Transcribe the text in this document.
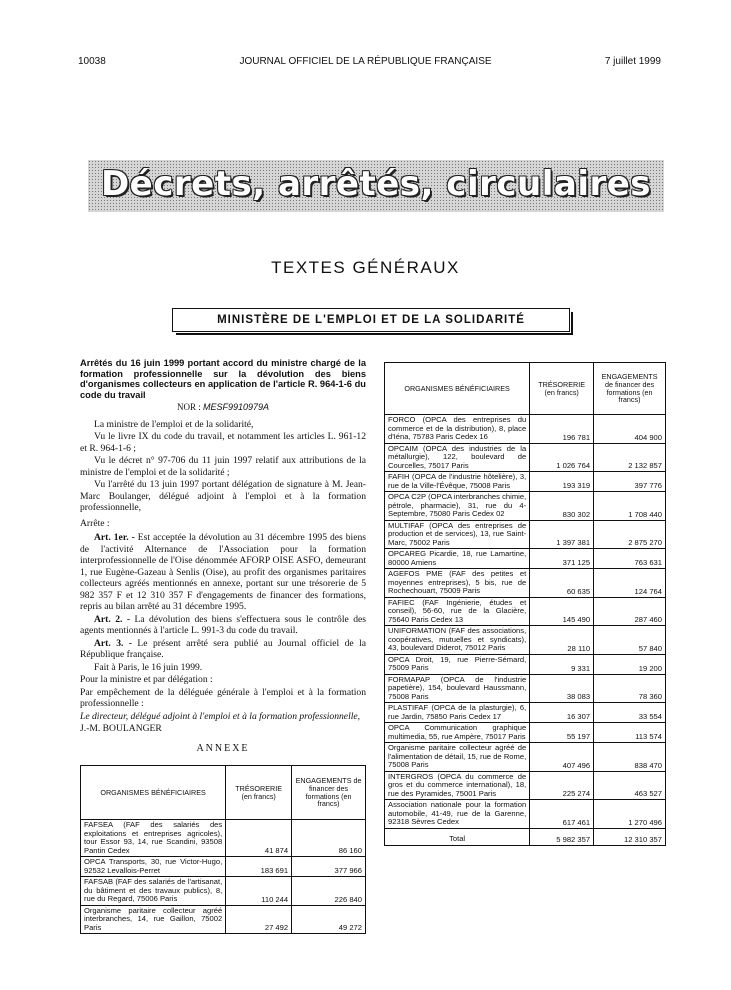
10038	JOURNAL OFFICIEL DE LA RÉPUBLIQUE FRANÇAISE	7 juillet 1999
Décrets, arrêtés, circulaires
TEXTES GÉNÉRAUX
MINISTÈRE DE L'EMPLOI ET DE LA SOLIDARITÉ
Arrêtés du 16 juin 1999 portant accord du ministre chargé de la formation professionnelle sur la dévolution des biens d'organismes collecteurs en application de l'article R. 964-1-6 du code du travail
NOR : MESF9910979A

La ministre de l'emploi et de la solidarité,

Vu le livre IX du code du travail, et notamment les articles L. 961-12 et R. 964-1-6 ;

Vu le décret n° 97-706 du 11 juin 1997 relatif aux attributions de la ministre de l'emploi et de la solidarité ;

Vu l'arrêté du 13 juin 1997 portant délégation de signature à M. Jean-Marc Boulanger, délégué adjoint à l'emploi et à la formation professionnelle,

Arrête :

Art. 1er. - Est acceptée la dévolution au 31 décembre 1995 des biens de l'activité Alternance de l'Association pour la formation interprofessionnelle de l'Oise dénommée AFORP OISE ASFO, demeurant 1, rue Eugène-Gazeau à Senlis (Oise), au profit des organismes paritaires collecteurs agréés mentionnés en annexe, portant sur une trésorerie de 5 982 357 F et 12 310 357 F d'engagements de financer des formations, repris au bilan arrêté au 31 décembre 1995.

Art. 2. - La dévolution des biens s'effectuera sous le contrôle des agents mentionnés à l'article L. 991-3 du code du travail.

Art. 3. - Le présent arrêté sera publié au Journal officiel de la République française.

Fait à Paris, le 16 juin 1999.

Pour la ministre et par délégation :

Par empêchement de la déléguée générale à l'emploi et à la formation professionnelle :

Le directeur, délégué adjoint à l'emploi et à la formation professionnelle,

J.-M. BOULANGER

ANNEXE
ORGANISMES BÉNÉFICIAIRES	TRÉSORERIE (en francs)	ENGAGEMENTS de financer des formations (en francs)
FAFSEA (FAF des salariés des exploitations et entreprises agricoles), tour Essor 93, 14, rue Scandini, 93508 Pantin Cedex	41 874	86 160
OPCA Transports, 30, rue Victor-Hugo, 92532 Levallois-Perret	183 691	377 966
FAFSAB (FAF des salariés de l'artisanat, du bâtiment et des travaux publics), 8, rue du Regard, 75006 Paris	110 244	226 840
Organisme paritaire collecteur agréé interbranches, 14, rue Gaillon, 75002 Paris	27 492	49 272
ORGANISMES BÉNÉFICIAIRES	TRÉSORERIE (en francs)	ENGAGEMENTS de financer des formations (en francs)
FORCO (OPCA des entreprises du commerce et de la distribution), 8, place d'Iéna, 75783 Paris Cedex 16	196 781	404 900
OPCAIM (OPCA des industries de la métallurgie), 122, boulevard de Courcelles, 75017 Paris	1 026 764	2 132 857
FAFIH (OPCA de l'industrie hôtelière), 3, rue de la Ville-l'Évêque, 75008 Paris	193 319	397 776
OPCA C2P (OPCA interbranches chimie, pétrole, pharmacie), 31, rue du 4-Septembre, 75080 Paris Cedex 02	830 302	1 708 440
MULTIFAF (OPCA des entreprises de production et de services), 13, rue Saint-Marc, 75002 Paris	1 397 381	2 875 270
OPCAREG Picardie, 18, rue Lamartine, 80000 Amiens	371 125	763 631
AGEFOS PME (FAF des petites et moyennes entreprises), 5 bis, rue de Rochechouart, 75009 Paris	60 635	124 764
FAFIEC (FAF Ingénierie, études et conseil), 56-60, rue de la Glacière, 75640 Paris Cedex 13	145 490	287 460
UNIFORMATION (FAF des associations, coopératives, mutuelles et syndicats), 43, boulevard Diderot, 75012 Paris	28 110	57 840
OPCA Droit, 19, rue Pierre-Sémard, 75009 Paris	9 331	19 200
FORMAPAP (OPCA de l'industrie papetière), 154, boulevard Haussmann, 75008 Paris	38 083	78 360
PLASTIFAF (OPCA de la plasturgie), 6, rue Jardin, 75850 Paris Cedex 17	16 307	33 554
OPCA Communication graphique multimedia, 55, rue Ampère, 75017 Paris	55 197	113 574
Organisme paritaire collecteur agréé de l'alimentation de détail, 15, rue de Rome, 75008 Paris	407 496	838 470
INTERGROS (OPCA du commerce de gros et du commerce international), 18, rue des Pyramides, 75001 Paris	225 274	463 527
Association nationale pour la formation automobile, 41-49, rue de la Garenne, 92318 Sèvres Cedex	617 461	1 270 496
Total	5 982 357	12 310 357
